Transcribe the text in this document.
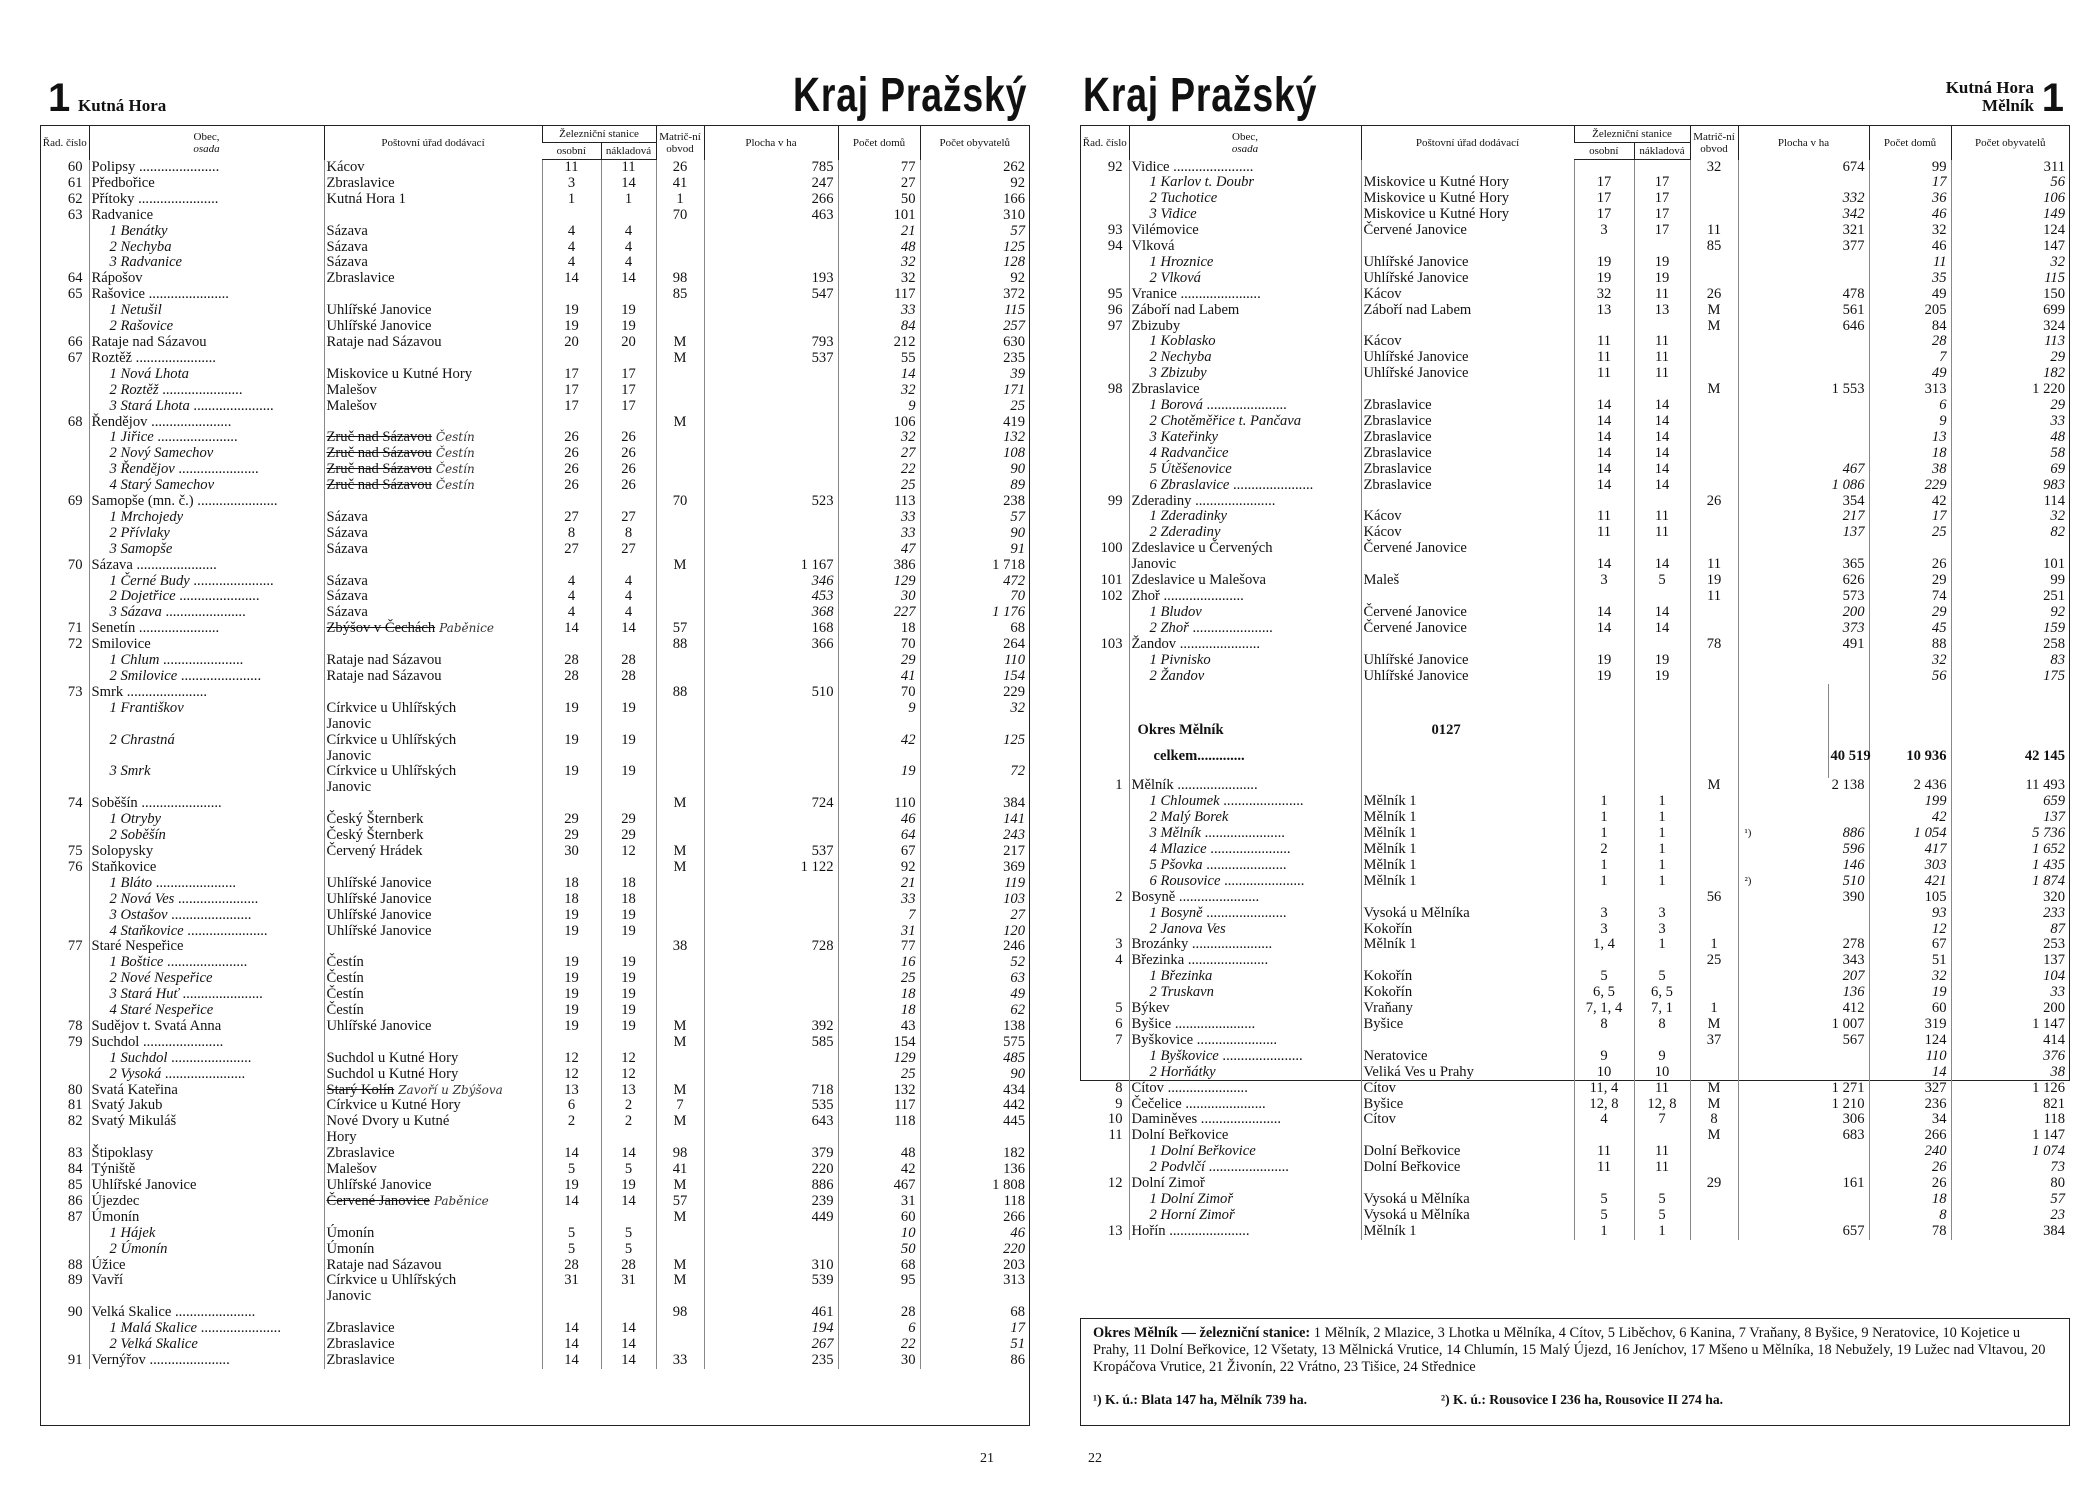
1 Kutná Hora	Kraj Pražský
Řad. číslo	Obec,
osada	Poštovní úřad dodávací	Železniční stanice		Matrič-ní obvod	Plocha v ha	Počet domů	Počet obyvatelů
			osobní	nákladová				
60	Polipsy ......................	Kácov	11	11	26	785	77	262
61	Předbořice	Zbraslavice	3	14	41	247	27	92
62	Přítoky ......................	Kutná Hora 1	1	1	1	266	50	166
63	Radvanice				70	463	101	310
	1 Benátky	Sázava	4	4			21	57
	2 Nechyba	Sázava	4	4			48	125
	3 Radvanice	Sázava	4	4			32	128
64	Rápošov	Zbraslavice	14	14	98	193	32	92
65	Rašovice ......................				85	547	117	372
	1 Netušil	Uhlířské Janovice	19	19			33	115
	2 Rašovice	Uhlířské Janovice	19	19			84	257
66	Rataje nad Sázavou	Rataje nad Sázavou	20	20	M	793	212	630
67	Roztěž ......................				M	537	55	235
	1 Nová Lhota	Miskovice u Kutné Hory	17	17			14	39
	2 Roztěž ......................	Malešov	17	17			32	171
	3 Stará Lhota ......................	Malešov	17	17			9	25
68	Řendějov ......................				M		106	419
	1 Jiřice ......................	Zruč nad Sázavou Čestín	26	26			32	132
	2 Nový Samechov	Zruč nad Sázavou Čestín	26	26			27	108
	3 Řendějov ......................	Zruč nad Sázavou Čestín	26	26			22	90
	4 Starý Samechov	Zruč nad Sázavou Čestín	26	26			25	89
69	Samopše (mn. č.) ......................				70	523	113	238
	1 Mrchojedy	Sázava	27	27			33	57
	2 Přívlaky	Sázava	8	8			33	90
	3 Samopše	Sázava	27	27			47	91
70	Sázava ......................				M	1 167	386	1 718
	1 Černé Budy ......................	Sázava	4	4		346	129	472
	2 Dojetřice ......................	Sázava	4	4		453	30	70
	3 Sázava ......................	Sázava	4	4		368	227	1 176
71	Senetín ......................	Zbýšov v Čechách Paběnice	14	14	57	168	18	68
72	Smilovice				88	366	70	264
	1 Chlum ......................	Rataje nad Sázavou	28	28			29	110
	2 Smilovice ......................	Rataje nad Sázavou	28	28			41	154
73	Smrk ......................				88	510	70	229
	1 Františkov	Církvice u Uhlířských	19	19			9	32
		Janovic						
	2 Chrastná	Církvice u Uhlířských	19	19			42	125
		Janovic						
	3 Smrk	Církvice u Uhlířských	19	19			19	72
		Janovic						
74	Soběšín ......................				M	724	110	384
	1 Otryby	Český Šternberk	29	29			46	141
	2 Soběšín	Český Šternberk	29	29			64	243
75	Solopysky	Červený Hrádek	30	12	M	537	67	217
76	Staňkovice				M	1 122	92	369
	1 Bláto ......................	Uhlířské Janovice	18	18			21	119
	2 Nová Ves ......................	Uhlířské Janovice	18	18			33	103
	3 Ostašov ......................	Uhlířské Janovice	19	19			7	27
	4 Staňkovice ......................	Uhlířské Janovice	19	19			31	120
77	Staré Nespeřice				38	728	77	246
	1 Boštice ......................	Čestín	19	19			16	52
	2 Nové Nespeřice	Čestín	19	19			25	63
	3 Stará Huť ......................	Čestín	19	19			18	49
	4 Staré Nespeřice	Čestín	19	19			18	62
78	Sudějov t. Svatá Anna	Uhlířské Janovice	19	19	M	392	43	138
79	Suchdol ......................				M	585	154	575
	1 Suchdol ......................	Suchdol u Kutné Hory	12	12			129	485
	2 Vysoká ......................	Suchdol u Kutné Hory	12	12			25	90
80	Svatá Kateřina	Starý Kolín Zavoří u Zbýšova	13	13	M	718	132	434
81	Svatý Jakub	Církvice u Kutné Hory	6	2	7	535	117	442
82	Svatý Mikuláš	Nové Dvory u Kutné	2	2	M	643	118	445
		Hory						
83	Štipoklasy	Zbraslavice	14	14	98	379	48	182
84	Týniště	Malešov	5	5	41	220	42	136
85	Uhlířské Janovice	Uhlířské Janovice	19	19	M	886	467	1 808
86	Újezdec	Červené Janovice Paběnice	14	14	57	239	31	118
87	Úmonín				M	449	60	266
	1 Hájek	Úmonín	5	5			10	46
	2 Úmonín	Úmonín	5	5			50	220
88	Úžice	Rataje nad Sázavou	28	28	M	310	68	203
89	Vavří	Církvice u Uhlířských	31	31	M	539	95	313
		Janovic						
90	Velká Skalice ......................				98	461	28	68
	1 Malá Skalice ......................	Zbraslavice	14	14		194	6	17
	2 Velká Skalice	Zbraslavice	14	14		267	22	51
91	Vernýřov ......................	Zbraslavice	14	14	33	235	30	86
21
Kraj Pražský	Kutná Hora
Mělník 1
Řad. číslo	Obec,
osada	Poštovní úřad dodávací	Železniční stanice		Matrič-ní obvod	Plocha v ha		Počet domů	Počet obyvatelů
			osobní	nákladová					
92	Vidice ......................				32	674		99	311
	1 Karlov t. Doubr	Miskovice u Kutné Hory	17	17				17	56
	2 Tuchotice	Miskovice u Kutné Hory	17	17		332		36	106
	3 Vidice	Miskovice u Kutné Hory	17	17		342		46	149
93	Vilémovice	Červené Janovice	3	17	11	321		32	124
94	Vlková				85	377		46	147
	1 Hroznice	Uhlířské Janovice	19	19				11	32
	2 Vlková	Uhlířské Janovice	19	19				35	115
95	Vranice ......................	Kácov	32	11	26	478		49	150
96	Záboří nad Labem	Záboří nad Labem	13	13	M	561		205	699
97	Zbizuby				M	646		84	324
	1 Koblasko	Kácov	11	11				28	113
	2 Nechyba	Uhlířské Janovice	11	11				7	29
	3 Zbizuby	Uhlířské Janovice	11	11				49	182
98	Zbraslavice				M	1 553		313	1 220
	1 Borová ......................	Zbraslavice	14	14				6	29
	2 Chotěměřice t. Pančava	Zbraslavice	14	14				9	33
	3 Kateřinky	Zbraslavice	14	14				13	48
	4 Radvančice	Zbraslavice	14	14				18	58
	5 Útěšenovice	Zbraslavice	14	14		467		38	69
	6 Zbraslavice ......................	Zbraslavice	14	14		1 086		229	983
99	Zderadiny ......................				26	354		42	114
	1 Zderadinky	Kácov	11	11		217		17	32
	2 Zderadiny	Kácov	11	11		137		25	82
100	Zdeslavice u Červených	Červené Janovice							
	Janovic		14	14	11	365		26	101
101	Zdeslavice u Malešova	Maleš	3	5	19	626		29	99
102	Zhoř ......................				11	573		74	251
	1 Bludov	Červené Janovice	14	14		200		29	92
	2 Zhoř ......................	Červené Janovice	14	14		373		45	159
103	Žandov ......................				78	491		88	258
	1 Pivnisko	Uhlířské Janovice	19	19				32	83
	2 Žandov	Uhlířské Janovice	19	19				56	175

	Okres Mělník	0127							
	celkem.............						40 519	10 936	42 145

1	Mělník ......................				M	2 138		2 436	11 493
	1 Chloumek ......................	Mělník 1	1	1				199	659
	2 Malý Borek	Mělník 1	1	1				42	137
	3 Mělník ......................	Mělník 1	1	1		¹) 886		1 054	5 736
	4 Mlazice ......................	Mělník 1	2	1		596		417	1 652
	5 Pšovka ......................	Mělník 1	1	1		146		303	1 435
	6 Rousovice ......................	Mělník 1	1	1		²) 510		421	1 874
2	Bosyně ......................				56	390		105	320
	1 Bosyně ......................	Vysoká u Mělníka	3	3				93	233
	2 Janova Ves	Kokořín	3	3				12	87
3	Brozánky ......................	Mělník 1	1, 4	1	1	278		67	253
4	Březinka ......................				25	343		51	137
	1 Březinka	Kokořín	5	5		207		32	104
	2 Truskavn	Kokořín	6, 5	6, 5		136		19	33
5	Býkev	Vraňany	7, 1, 4	7, 1	1	412		60	200
6	Byšice ......................	Byšice	8	8	M	1 007		319	1 147
7	Byškovice ......................				37	567		124	414
	1 Byškovice ......................	Neratovice	9	9				110	376
	2 Horňátky	Veliká Ves u Prahy	10	10				14	38
8	Cítov ......................	Cítov	11, 4	11	M	1 271		327	1 126
9	Čečelice ......................	Byšice	12, 8	12, 8	M	1 210		236	821
10	Daminěves ......................	Cítov	4	7	8	306		34	118
11	Dolní Beřkovice				M	683		266	1 147
	1 Dolní Beřkovice	Dolní Beřkovice	11	11				240	1 074
	2 Podvlčí ......................	Dolní Beřkovice	11	11				26	73
12	Dolní Zimoř				29	161		26	80
	1 Dolní Zimoř	Vysoká u Mělníka	5	5				18	57
	2 Horní Zimoř	Vysoká u Mělníka	5	5				8	23
13	Hořín ......................	Mělník 1	1	1		657		78	384
Okres Mělník — železniční stanice: 1 Mělník, 2 Mlazice, 3 Lhotka u Mělníka, 4 Cítov, 5 Liběchov, 6 Kanina, 7 Vraňany, 8 Byšice, 9 Neratovice, 10 Kojetice u Prahy, 11 Dolní Beřkovice, 12 Všetaty, 13 Mělnická Vrutice, 14 Chlumín, 15 Malý Újezd, 16 Jeníchov, 17 Mšeno u Mělníka, 18 Nebužely, 19 Lužec nad Vltavou, 20 Kropáčova Vrutice, 21 Živonín, 22 Vrátno, 23 Tišice, 24 Střednice
¹) K. ú.: Blata 147 ha, Mělník 739 ha.	²) K. ú.: Rousovice I 236 ha, Rousovice II 274 ha.
22
